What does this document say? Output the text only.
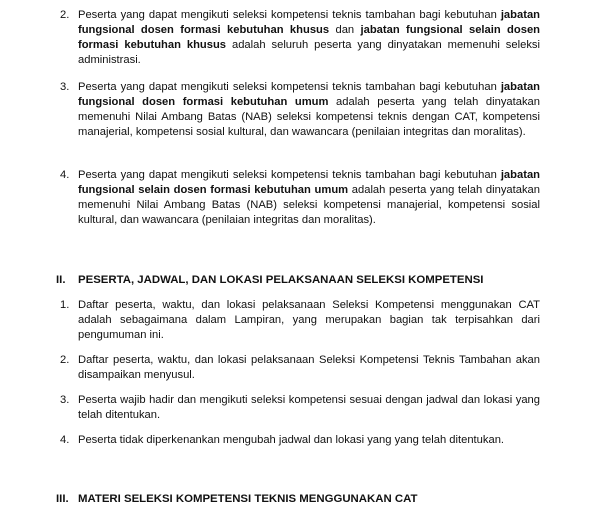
2. Peserta yang dapat mengikuti seleksi kompetensi teknis tambahan bagi kebutuhan jabatan fungsional dosen formasi kebutuhan khusus dan jabatan fungsional selain dosen formasi kebutuhan khusus adalah seluruh peserta yang dinyatakan memenuhi seleksi administrasi.
3. Peserta yang dapat mengikuti seleksi kompetensi teknis tambahan bagi kebutuhan jabatan fungsional dosen formasi kebutuhan umum adalah peserta yang telah dinyatakan memenuhi Nilai Ambang Batas (NAB) seleksi kompetensi teknis dengan CAT, kompetensi manajerial, kompetensi sosial kultural, dan wawancara (penilaian integritas dan moralitas).
4. Peserta yang dapat mengikuti seleksi kompetensi teknis tambahan bagi kebutuhan jabatan fungsional selain dosen formasi kebutuhan umum adalah peserta yang telah dinyatakan memenuhi Nilai Ambang Batas (NAB) seleksi kompetensi manajerial, kompetensi sosial kultural, dan wawancara (penilaian integritas dan moralitas).
II. PESERTA, JADWAL, DAN LOKASI PELAKSANAAN SELEKSI KOMPETENSI
1. Daftar peserta, waktu, dan lokasi pelaksanaan Seleksi Kompetensi menggunakan CAT adalah sebagaimana dalam Lampiran, yang merupakan bagian tak terpisahkan dari pengumuman ini.
2. Daftar peserta, waktu, dan lokasi pelaksanaan Seleksi Kompetensi Teknis Tambahan akan disampaikan menyusul.
3. Peserta wajib hadir dan mengikuti seleksi kompetensi sesuai dengan jadwal dan lokasi yang telah ditentukan.
4. Peserta tidak diperkenankan mengubah jadwal dan lokasi yang yang telah ditentukan.
III. MATERI SELEKSI KOMPETENSI TEKNIS MENGGUNAKAN CAT
